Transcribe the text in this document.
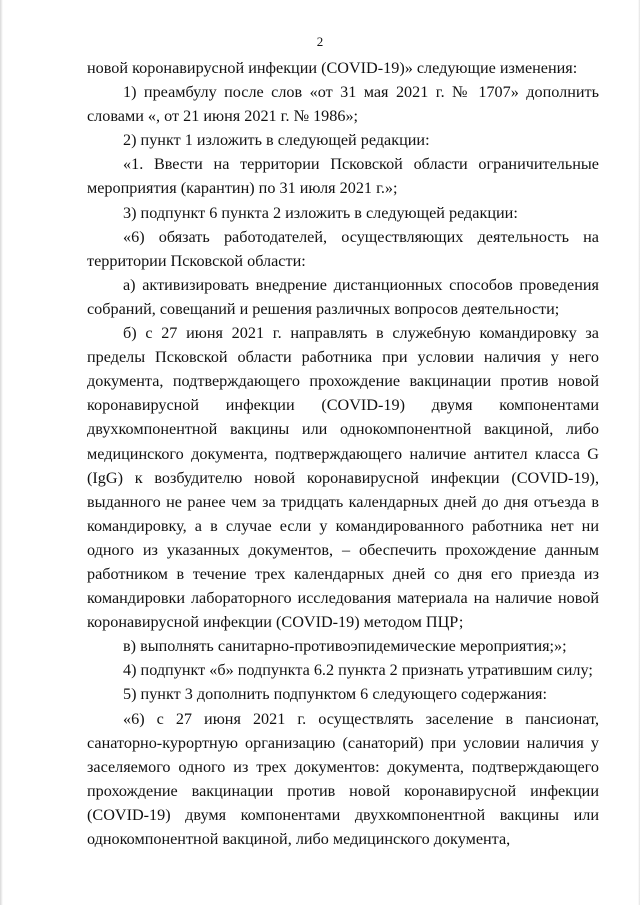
2

новой коронавирусной инфекции (COVID-19)» следующие изменения:

1) преамбулу после слов «от 31 мая 2021 г. № 1707» дополнить словами «, от 21 июня 2021 г. № 1986»;

2) пункт 1 изложить в следующей редакции:

«1. Ввести на территории Псковской области ограничительные мероприятия (карантин) по 31 июля 2021 г.»;

3) подпункт 6 пункта 2 изложить в следующей редакции:

«6) обязать работодателей, осуществляющих деятельность на территории Псковской области:

а) активизировать внедрение дистанционных способов проведения собраний, совещаний и решения различных вопросов деятельности;

б) с 27 июня 2021 г. направлять в служебную командировку за пределы Псковской области работника при условии наличия у него документа, подтверждающего прохождение вакцинации против новой коронавирусной инфекции (COVID-19) двумя компонентами двухкомпонентной вакцины или однокомпонентной вакциной, либо медицинского документа, подтверждающего наличие антител класса G (IgG) к возбудителю новой коронавирусной инфекции (COVID-19), выданного не ранее чем за тридцать календарных дней до дня отъезда в командировку, а в случае если у командированного работника нет ни одного из указанных документов, – обеспечить прохождение данным работником в течение трех календарных дней со дня его приезда из командировки лабораторного исследования материала на наличие новой коронавирусной инфекции (COVID-19) методом ПЦР;

в) выполнять санитарно-противоэпидемические мероприятия;»;

4) подпункт «б» подпункта 6.2 пункта 2 признать утратившим силу;

5) пункт 3 дополнить подпунктом 6 следующего содержания:

«6) с 27 июня 2021 г. осуществлять заселение в пансионат, санаторно-курортную организацию (санаторий) при условии наличия у заселяемого одного из трех документов: документа, подтверждающего прохождение вакцинации против новой коронавирусной инфекции (COVID-19) двумя компонентами двухкомпонентной вакцины или однокомпонентной вакциной, либо медицинского документа,
